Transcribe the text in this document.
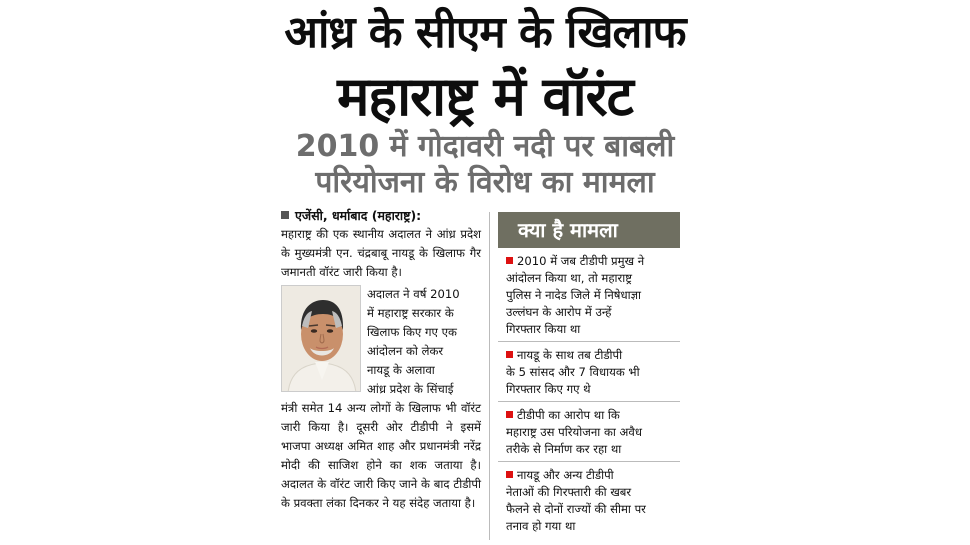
आंध्र के सीएम के खिलाफ
महाराष्ट्र में वॉरंट
2010 में गोदावरी नदी पर बाबली
परियोजना के विरोध का मामला
एजेंसी, धर्माबाद (महाराष्ट्र):
महाराष्ट्र की एक स्थानीय अदालत ने आंध्र प्रदेश के मुख्यमंत्री एन. चंद्रबाबू नायडू के खिलाफ गैर जमानती वॉरंट जारी किया है।
अदालत ने वर्ष 2010
में महाराष्ट्र सरकार के
खिलाफ किए गए एक
आंदोलन को लेकर
नायडू के अलावा
आंध्र प्रदेश के सिंचाई
मंत्री समेत 14 अन्य लोगों के खिलाफ भी वॉरंट जारी किया है। दूसरी ओर टीडीपी ने इसमें भाजपा अध्यक्ष अमित शाह और प्रधानमंत्री नरेंद्र मोदी की साजिश होने का शक जताया है। अदालत के वॉरंट जारी किए जाने के बाद टीडीपी के प्रवक्ता लंका दिनकर ने यह संदेह जताया है।
क्या है मामला
2010 में जब टीडीपी प्रमुख ने
आंदोलन किया था, तो महाराष्ट्र
पुलिस ने नादेड जिले में निषेधाज्ञा
उल्लंघन के आरोप में उन्हें
गिरफ्तार किया था
नायडू के साथ तब टीडीपी
के 5 सांसद और 7 विधायक भी
गिरफ्तार किए गए थे
टीडीपी का आरोप था कि
महाराष्ट्र उस परियोजना का अवैध
तरीके से निर्माण कर रहा था
नायडू और अन्य टीडीपी
नेताओं की गिरफ्तारी की खबर
फैलने से दोनों राज्यों की सीमा पर
तनाव हो गया था
